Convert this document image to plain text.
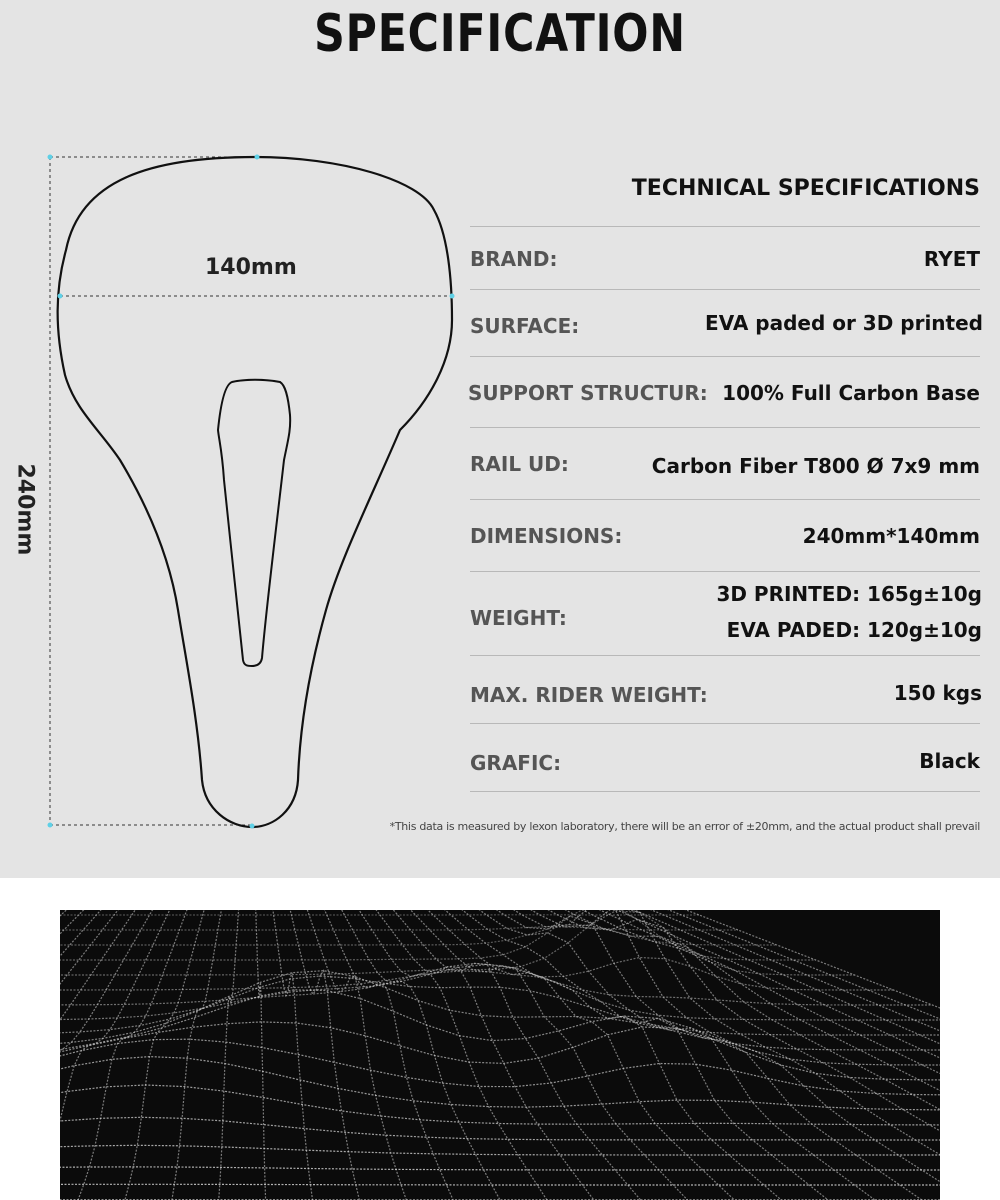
SPECIFICATION
140mm
240mm
TECHNICAL SPECIFICATIONS
BRAND:	RYET
SURFACE:	EVA paded or 3D printed
SUPPORT STRUCTUR: 100% Full Carbon Base
RAIL UD:	Carbon Fiber T800 Ø 7x9 mm
DIMENSIONS:	240mm*140mm
WEIGHT:
3D PRINTED: 165g±10g
EVA PADED: 120g±10g
MAX. RIDER WEIGHT:	150 kgs
GRAFIC:	Black
*This data is measured by lexon laboratory, there will be an error of ±20mm, and the actual product shall prevail
